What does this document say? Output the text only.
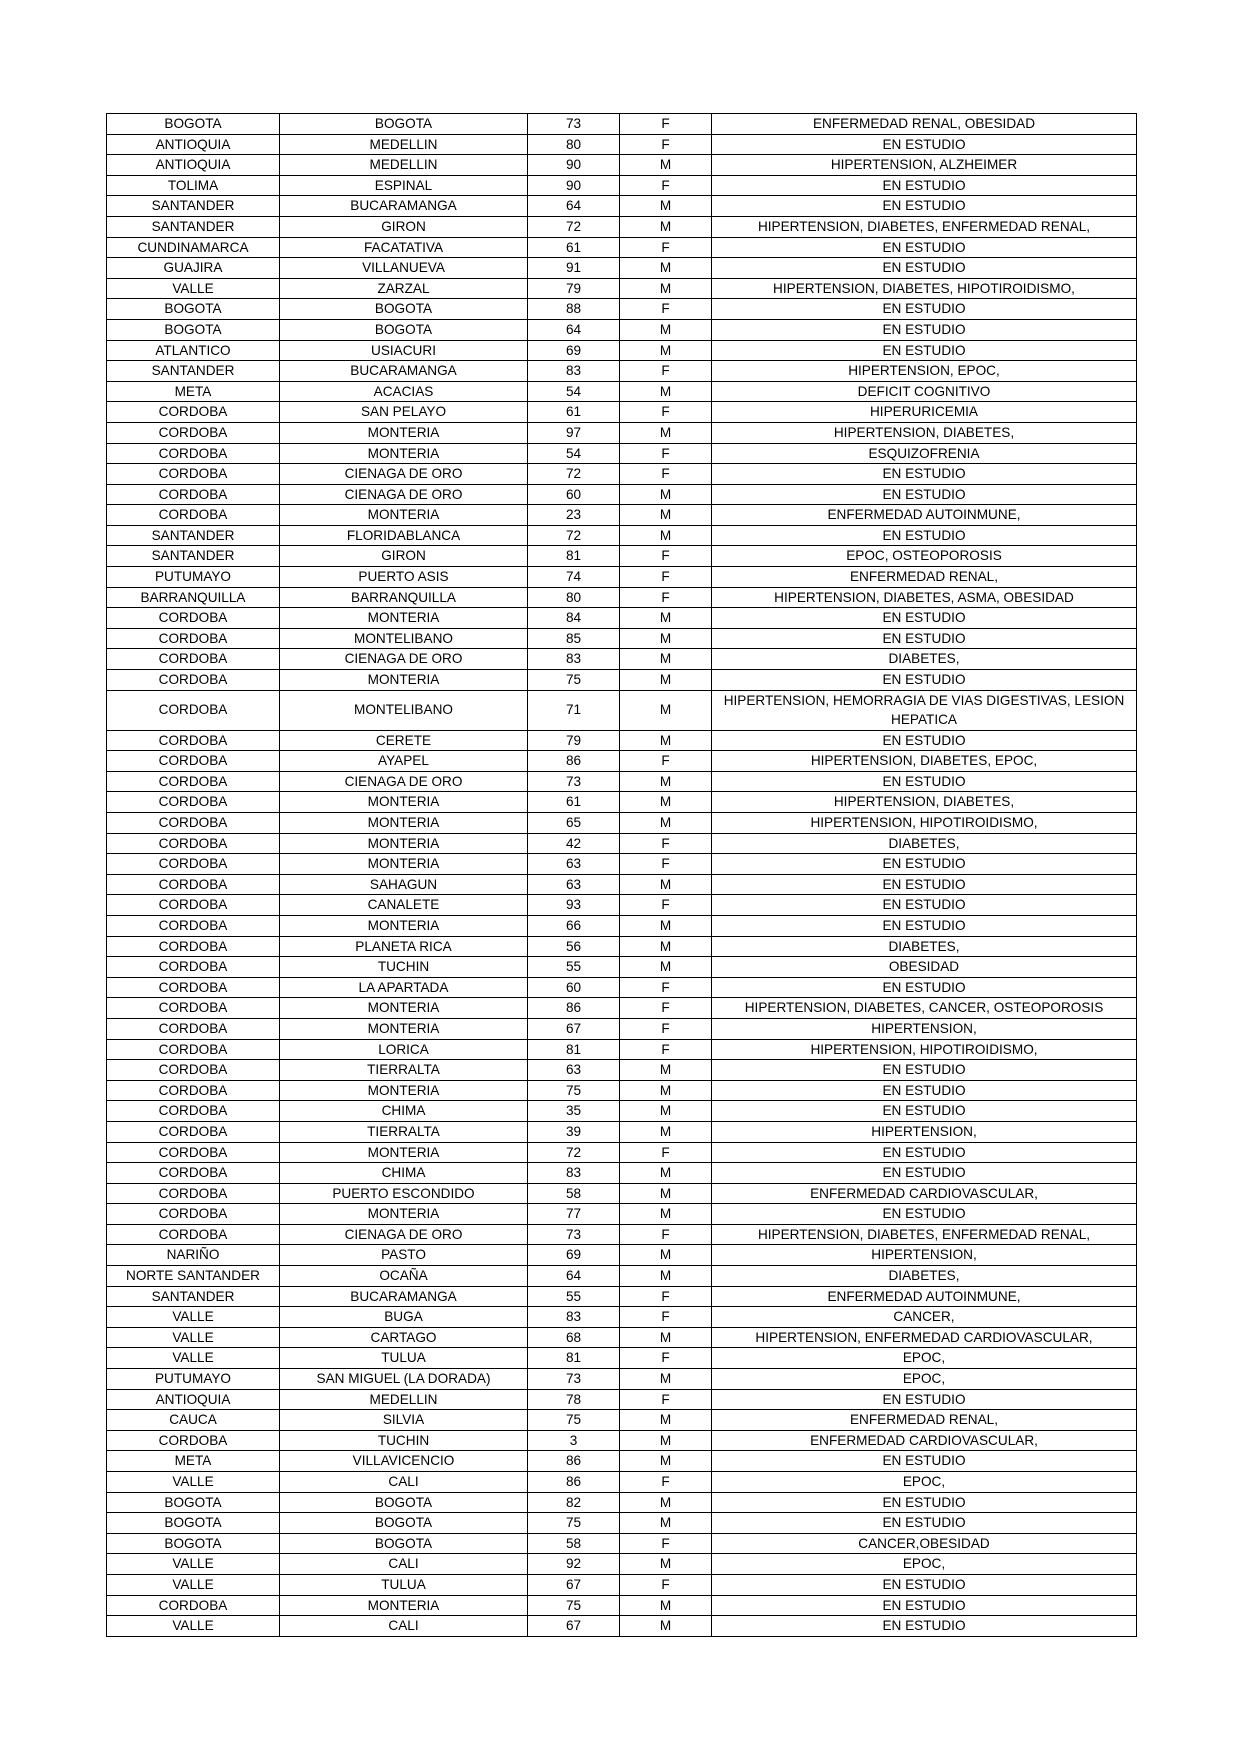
BOGOTA	BOGOTA	73	F	ENFERMEDAD RENAL, OBESIDAD
ANTIOQUIA	MEDELLIN	80	F	EN ESTUDIO
ANTIOQUIA	MEDELLIN	90	M	HIPERTENSION, ALZHEIMER
TOLIMA	ESPINAL	90	F	EN ESTUDIO
SANTANDER	BUCARAMANGA	64	M	EN ESTUDIO
SANTANDER	GIRON	72	M	HIPERTENSION, DIABETES, ENFERMEDAD RENAL,
CUNDINAMARCA	FACATATIVA	61	F	EN ESTUDIO
GUAJIRA	VILLANUEVA	91	M	EN ESTUDIO
VALLE	ZARZAL	79	M	HIPERTENSION, DIABETES, HIPOTIROIDISMO,
BOGOTA	BOGOTA	88	F	EN ESTUDIO
BOGOTA	BOGOTA	64	M	EN ESTUDIO
ATLANTICO	USIACURI	69	M	EN ESTUDIO
SANTANDER	BUCARAMANGA	83	F	HIPERTENSION, EPOC,
META	ACACIAS	54	M	DEFICIT COGNITIVO
CORDOBA	SAN PELAYO	61	F	HIPERURICEMIA
CORDOBA	MONTERIA	97	M	HIPERTENSION, DIABETES,
CORDOBA	MONTERIA	54	F	ESQUIZOFRENIA
CORDOBA	CIENAGA DE ORO	72	F	EN ESTUDIO
CORDOBA	CIENAGA DE ORO	60	M	EN ESTUDIO
CORDOBA	MONTERIA	23	M	ENFERMEDAD AUTOINMUNE,
SANTANDER	FLORIDABLANCA	72	M	EN ESTUDIO
SANTANDER	GIRON	81	F	EPOC, OSTEOPOROSIS
PUTUMAYO	PUERTO ASIS	74	F	ENFERMEDAD RENAL,
BARRANQUILLA	BARRANQUILLA	80	F	HIPERTENSION, DIABETES, ASMA, OBESIDAD
CORDOBA	MONTERIA	84	M	EN ESTUDIO
CORDOBA	MONTELIBANO	85	M	EN ESTUDIO
CORDOBA	CIENAGA DE ORO	83	M	DIABETES,
CORDOBA	MONTERIA	75	M	EN ESTUDIO
CORDOBA	MONTELIBANO	71	M	HIPERTENSION, HEMORRAGIA DE VIAS DIGESTIVAS, LESION HEPATICA
CORDOBA	CERETE	79	M	EN ESTUDIO
CORDOBA	AYAPEL	86	F	HIPERTENSION, DIABETES, EPOC,
CORDOBA	CIENAGA DE ORO	73	M	EN ESTUDIO
CORDOBA	MONTERIA	61	M	HIPERTENSION, DIABETES,
CORDOBA	MONTERIA	65	M	HIPERTENSION, HIPOTIROIDISMO,
CORDOBA	MONTERIA	42	F	DIABETES,
CORDOBA	MONTERIA	63	F	EN ESTUDIO
CORDOBA	SAHAGUN	63	M	EN ESTUDIO
CORDOBA	CANALETE	93	F	EN ESTUDIO
CORDOBA	MONTERIA	66	M	EN ESTUDIO
CORDOBA	PLANETA RICA	56	M	DIABETES,
CORDOBA	TUCHIN	55	M	OBESIDAD
CORDOBA	LA APARTADA	60	F	EN ESTUDIO
CORDOBA	MONTERIA	86	F	HIPERTENSION, DIABETES, CANCER, OSTEOPOROSIS
CORDOBA	MONTERIA	67	F	HIPERTENSION,
CORDOBA	LORICA	81	F	HIPERTENSION, HIPOTIROIDISMO,
CORDOBA	TIERRALTA	63	M	EN ESTUDIO
CORDOBA	MONTERIA	75	M	EN ESTUDIO
CORDOBA	CHIMA	35	M	EN ESTUDIO
CORDOBA	TIERRALTA	39	M	HIPERTENSION,
CORDOBA	MONTERIA	72	F	EN ESTUDIO
CORDOBA	CHIMA	83	M	EN ESTUDIO
CORDOBA	PUERTO ESCONDIDO	58	M	ENFERMEDAD CARDIOVASCULAR,
CORDOBA	MONTERIA	77	M	EN ESTUDIO
CORDOBA	CIENAGA DE ORO	73	F	HIPERTENSION, DIABETES, ENFERMEDAD RENAL,
NARIÑO	PASTO	69	M	HIPERTENSION,
NORTE SANTANDER	OCAÑA	64	M	DIABETES,
SANTANDER	BUCARAMANGA	55	F	ENFERMEDAD AUTOINMUNE,
VALLE	BUGA	83	F	CANCER,
VALLE	CARTAGO	68	M	HIPERTENSION, ENFERMEDAD CARDIOVASCULAR,
VALLE	TULUA	81	F	EPOC,
PUTUMAYO	SAN MIGUEL (LA DORADA)	73	M	EPOC,
ANTIOQUIA	MEDELLIN	78	F	EN ESTUDIO
CAUCA	SILVIA	75	M	ENFERMEDAD RENAL,
CORDOBA	TUCHIN	3	M	ENFERMEDAD CARDIOVASCULAR,
META	VILLAVICENCIO	86	M	EN ESTUDIO
VALLE	CALI	86	F	EPOC,
BOGOTA	BOGOTA	82	M	EN ESTUDIO
BOGOTA	BOGOTA	75	M	EN ESTUDIO
BOGOTA	BOGOTA	58	F	CANCER,OBESIDAD
VALLE	CALI	92	M	EPOC,
VALLE	TULUA	67	F	EN ESTUDIO
CORDOBA	MONTERIA	75	M	EN ESTUDIO
VALLE	CALI	67	M	EN ESTUDIO
